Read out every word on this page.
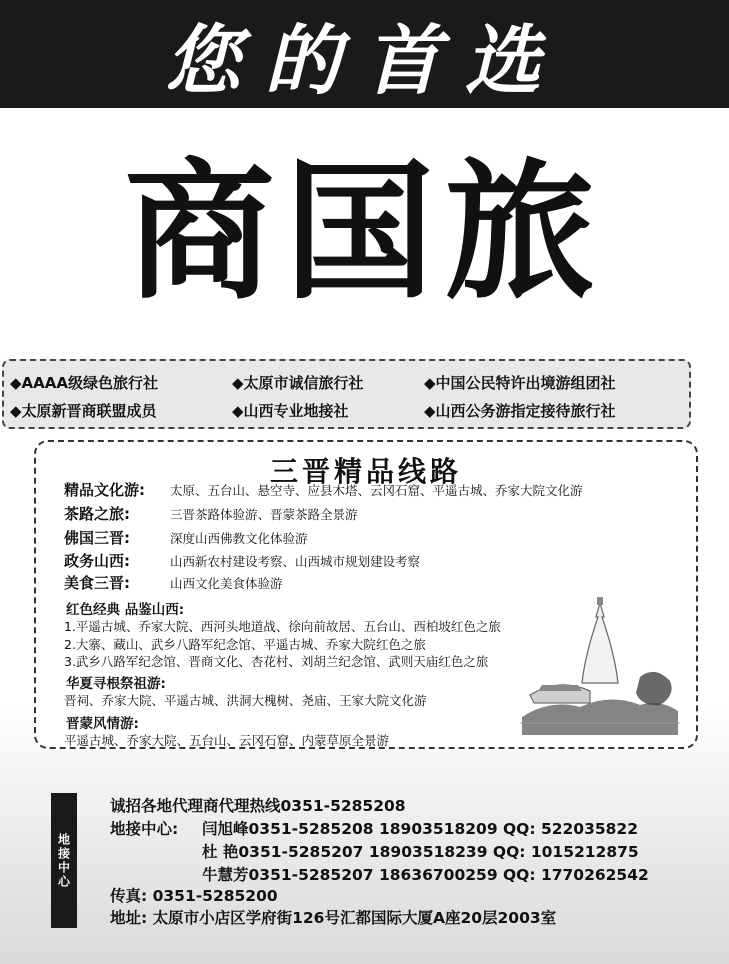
您的首选
商国旅
◆AAAA级绿色旅行社	◆太原市诚信旅行社	◆中国公民特许出境游组团社
◆太原新晋商联盟成员	◆山西专业地接社	◆山西公务游指定接待旅行社
三晋精品线路
精品文化游: 太原、五台山、悬空寺、应县木塔、云冈石窟、平遥古城、乔家大院文化游
茶路之旅:	三晋茶路体验游、晋蒙茶路全景游
佛国三晋:	深度山西佛教文化体验游
政务山西:	山西新农村建设考察、山西城市规划建设考察
美食三晋:	山西文化美食体验游
红色经典 品鉴山西:
1.平遥古城、乔家大院、西河头地道战、徐向前故居、五台山、西柏坡红色之旅
2.大寨、藏山、武乡八路军纪念馆、平遥古城、乔家大院红色之旅
3.武乡八路军纪念馆、晋商文化、杏花村、刘胡兰纪念馆、武则天庙红色之旅
华夏寻根祭祖游:
晋祠、乔家大院、平遥古城、洪洞大槐树、尧庙、王家大院文化游
晋蒙风情游:
平遥古城、乔家大院、五台山、云冈石窟、内蒙草原全景游
地接中心
诚招各地代理商代理热线0351-5285208
地接中心: 闫旭峰0351-5285208 18903518209 QQ: 522035822
杜 艳0351-5285207 18903518239 QQ: 1015212875
牛慧芳0351-5285207 18636700259 QQ: 1770262542
传真: 0351-5285200
地址: 太原市小店区学府街126号汇都国际大厦A座20层2003室
